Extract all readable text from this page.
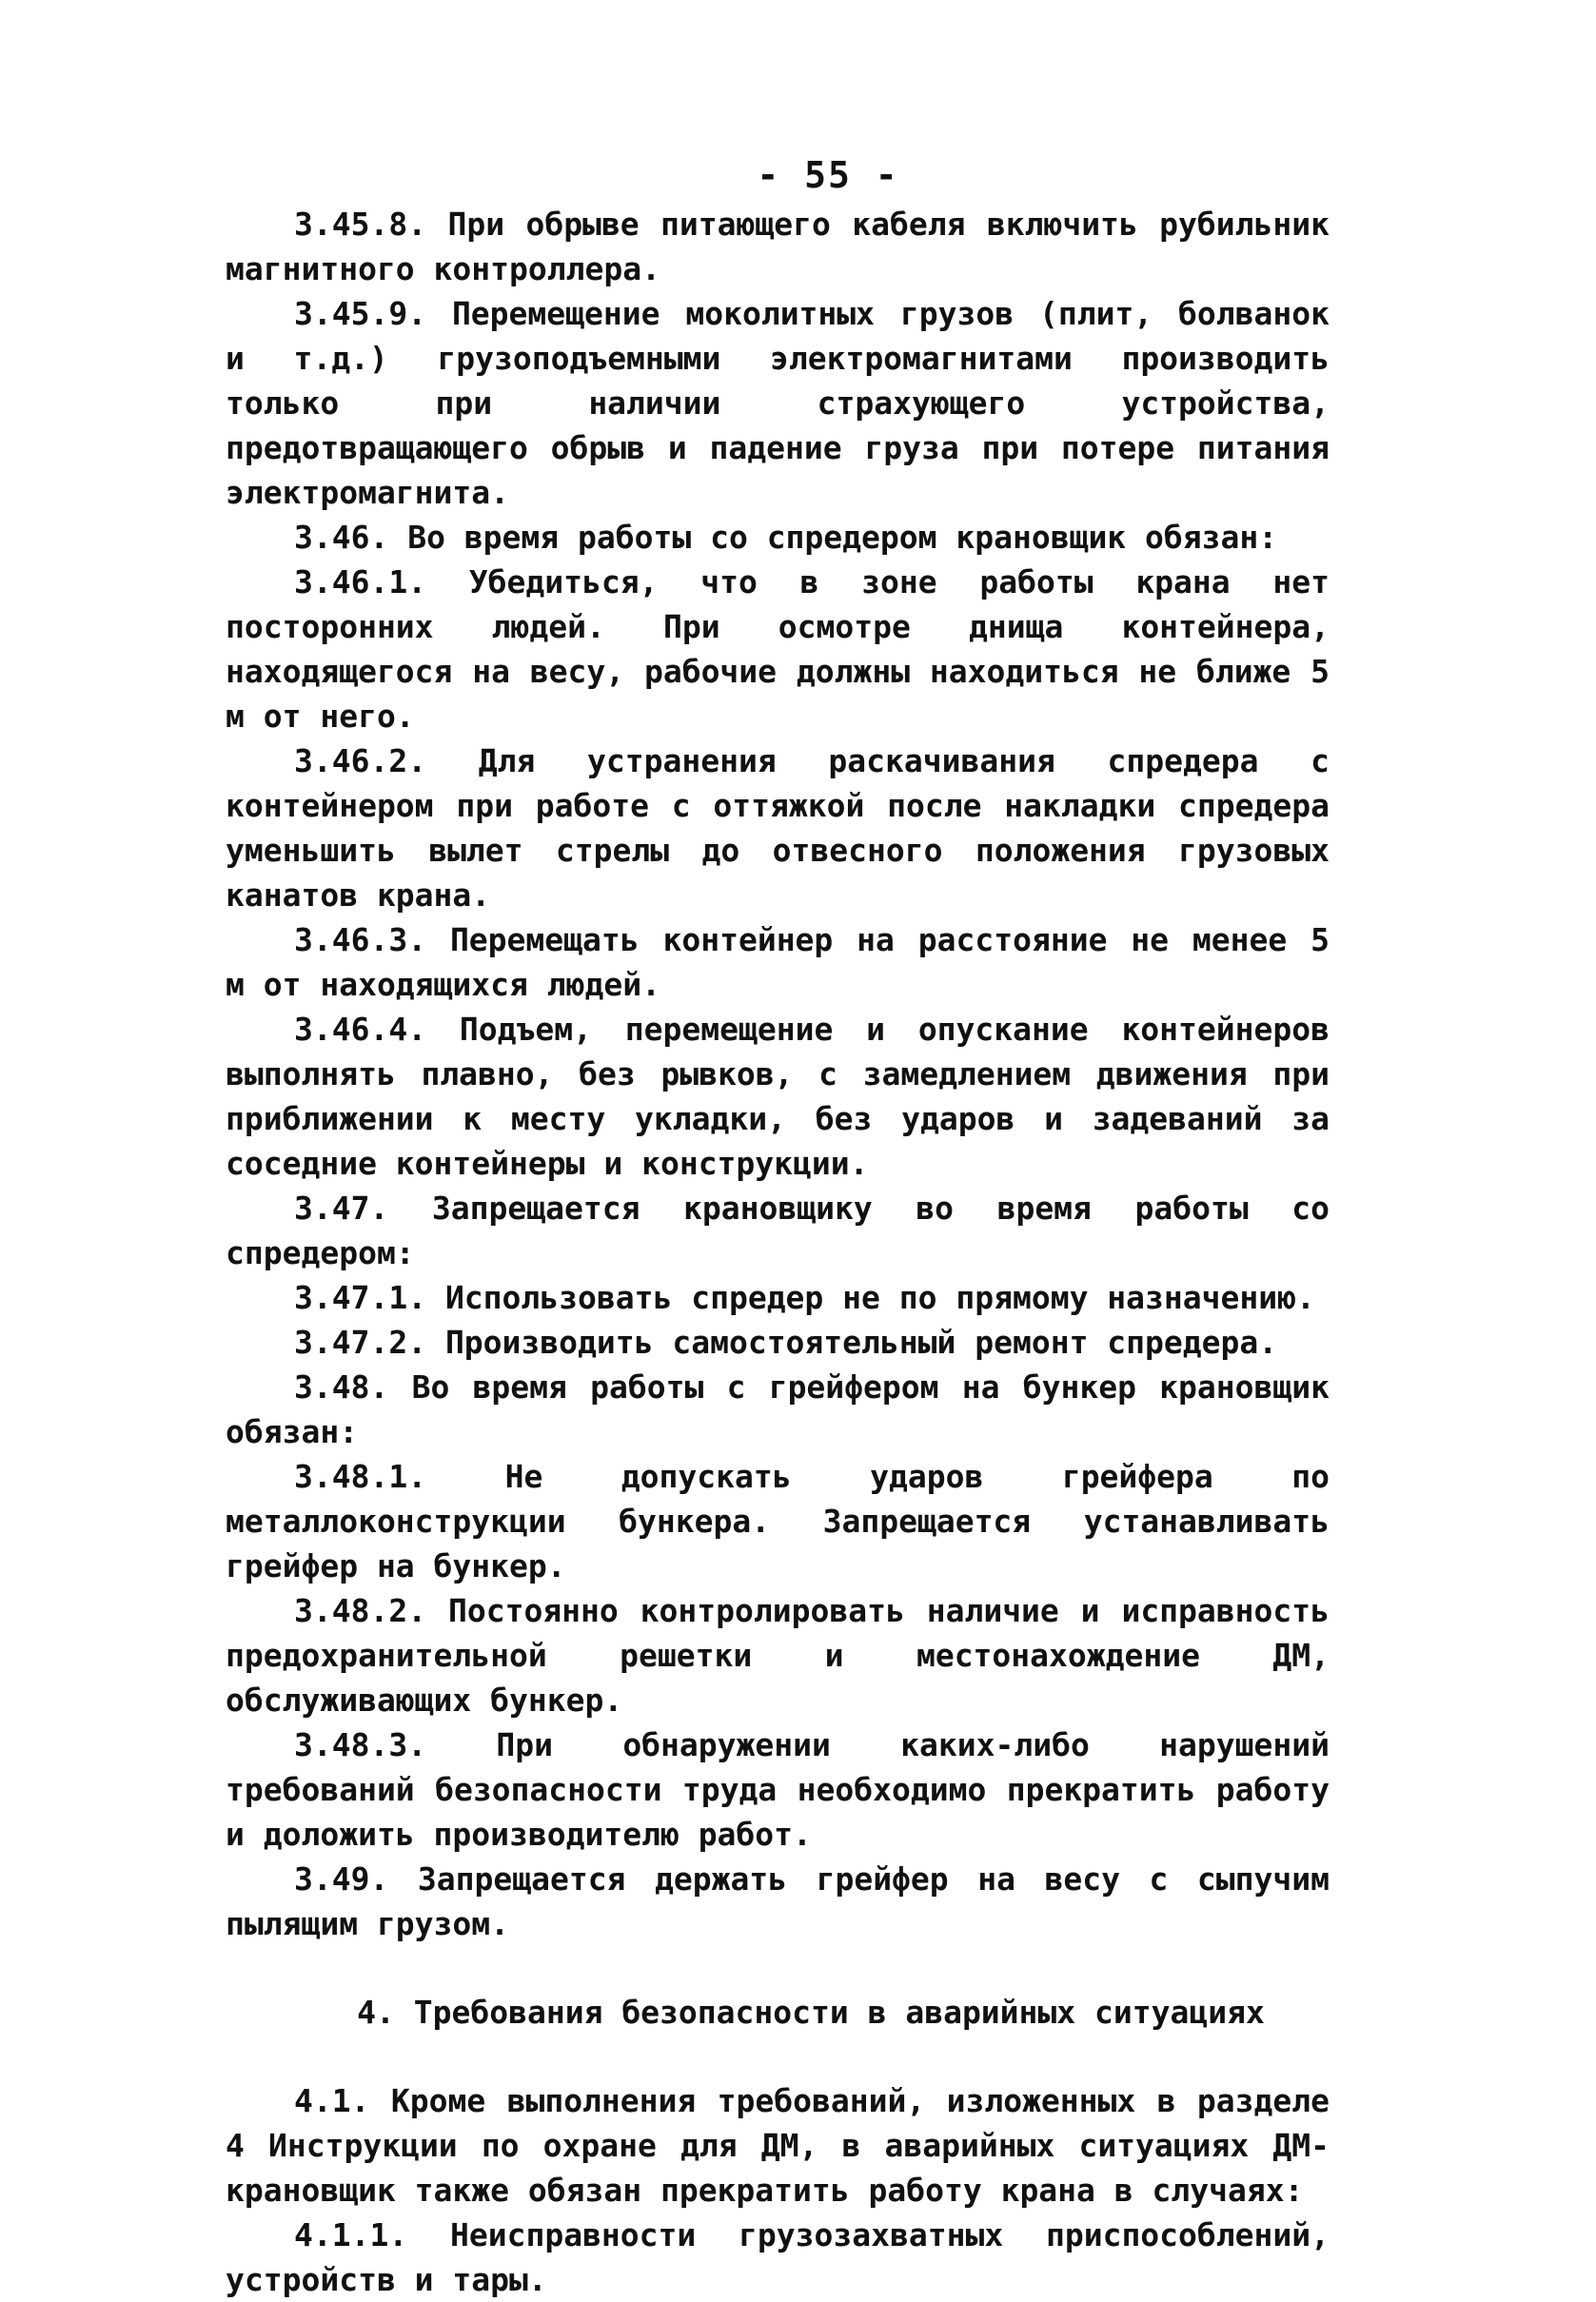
- 55 -

3.45.8. При обрыве питающего кабеля включить рубильник магнитного контроллера.

3.45.9. Перемещение моколитных грузов (плит, болванок и т.д.) грузоподъемными электромагнитами производить только при наличии страхующего устройства, предотвращающего обрыв и падение груза при потере питания электромагнита.

3.46. Во время работы со спредером крановщик обязан:

3.46.1. Убедиться, что в зоне работы крана нет посторонних людей. При осмотре днища контейнера, находящегося на весу, рабочие должны находиться не ближе 5 м от него.

3.46.2. Для устранения раскачивания спредера с контейнером при работе с оттяжкой после накладки спредера уменьшить вылет стрелы до отвесного положения грузовых канатов крана.

3.46.3. Перемещать контейнер на расстояние не менее 5 м от находящихся людей.

3.46.4. Подъем, перемещение и опускание контейнеров выполнять плавно, без рывков, с замедлением движения при приближении к месту укладки, без ударов и задеваний за соседние контейнеры и конструкции.

3.47. Запрещается крановщику во время работы со спредером:

3.47.1. Использовать спредер не по прямому назначению.

3.47.2. Производить самостоятельный ремонт спредера.

3.48. Во время работы с грейфером на бункер крановщик обязан:

3.48.1. Не допускать ударов грейфера по металлоконструкции бункера. Запрещается устанавливать грейфер на бункер.

3.48.2. Постоянно контролировать наличие и исправность предохранительной решетки и местонахождение ДМ, обслуживающих бункер.

3.48.3. При обнаружении каких-либо нарушений требований безопасности труда необходимо прекратить работу и доложить производителю работ.

3.49. Запрещается держать грейфер на весу с сыпучим пылящим грузом.

4. Требования безопасности в аварийных ситуациях

4.1. Кроме выполнения требований, изложенных в разделе 4 Инструкции по охране для ДМ, в аварийных ситуациях ДМ-крановщик также обязан прекратить работу крана в случаях:

4.1.1. Неисправности грузозахватных приспособлений, устройств и тары.
